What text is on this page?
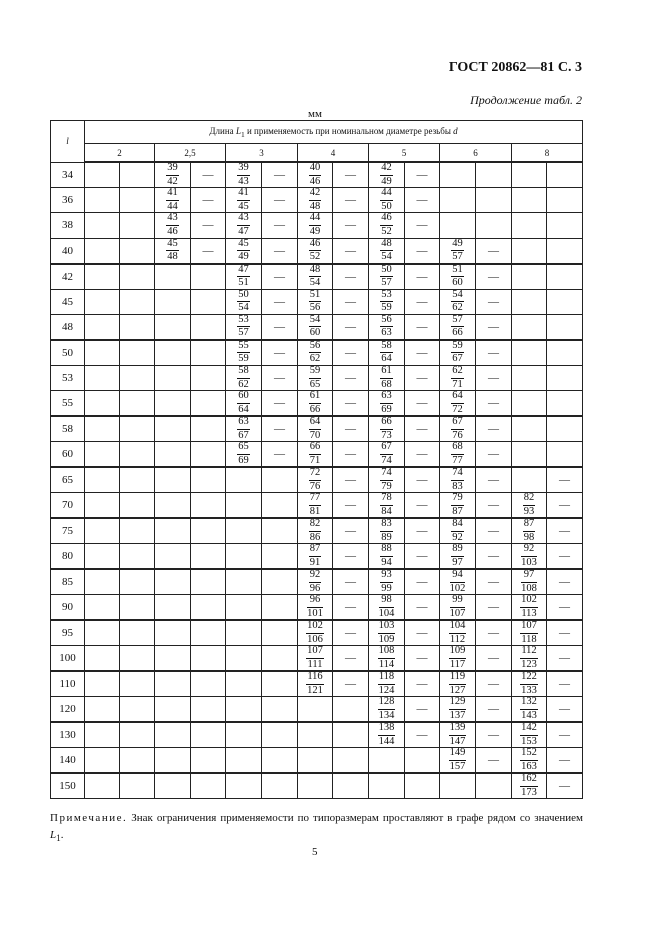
ГОСТ 20862—81 С. 3
Продолжение табл. 2
мм
l	Длина $L_1$ и применяемость при номинальном диаметре резьбы d													
	2		2,5		3		4		5		6		8	
34			$\frac{39}{42}$	—	$\frac{39}{43}$	—	$\frac{40}{46}$	—	$\frac{42}{49}$	—				
36			$\frac{41}{44}$	—	$\frac{41}{45}$	—	$\frac{42}{48}$	—	$\frac{44}{50}$	—				
38			$\frac{43}{46}$	—	$\frac{43}{47}$	—	$\frac{44}{49}$	—	$\frac{46}{52}$	—				
40			$\frac{45}{48}$	—	$\frac{45}{49}$	—	$\frac{46}{52}$	—	$\frac{48}{54}$	—	$\frac{49}{57}$	—		
42					$\frac{47}{51}$	—	$\frac{48}{54}$	—	$\frac{50}{57}$	—	$\frac{51}{60}$	—		
45					$\frac{50}{54}$	—	$\frac{51}{56}$	—	$\frac{53}{59}$	—	$\frac{54}{62}$	—		
48					$\frac{53}{57}$	—	$\frac{54}{60}$	—	$\frac{56}{63}$	—	$\frac{57}{66}$	—		
50					$\frac{55}{59}$	—	$\frac{56}{62}$	—	$\frac{58}{64}$	—	$\frac{59}{67}$	—		
53					$\frac{58}{62}$	—	$\frac{59}{65}$	—	$\frac{61}{68}$	—	$\frac{62}{71}$	—		
55					$\frac{60}{64}$	—	$\frac{61}{66}$	—	$\frac{63}{69}$	—	$\frac{64}{72}$	—		
58					$\frac{63}{67}$	—	$\frac{64}{70}$	—	$\frac{66}{73}$	—	$\frac{67}{76}$	—		
60					$\frac{65}{69}$	—	$\frac{66}{71}$	—	$\frac{67}{74}$	—	$\frac{68}{77}$	—		
65							$\frac{72}{76}$	—	$\frac{74}{79}$	—	$\frac{74}{83}$	—		—
70							$\frac{77}{81}$	—	$\frac{78}{84}$	—	$\frac{79}{87}$	—	$\frac{82}{93}$	—
75							$\frac{82}{86}$	—	$\frac{83}{89}$	—	$\frac{84}{92}$	—	$\frac{87}{98}$	—
80							$\frac{87}{91}$	—	$\frac{88}{94}$	—	$\frac{89}{97}$	—	$\frac{92}{103}$	—
85							$\frac{92}{96}$	—	$\frac{93}{99}$	—	$\frac{94}{102}$	—	$\frac{97}{108}$	—
90							$\frac{96}{101}$	—	$\frac{98}{104}$	—	$\frac{99}{107}$	—	$\frac{102}{113}$	—
95							$\frac{102}{106}$	—	$\frac{103}{109}$	—	$\frac{104}{112}$	—	$\frac{107}{118}$	—
100							$\frac{107}{111}$	—	$\frac{108}{114}$	—	$\frac{109}{117}$	—	$\frac{112}{123}$	—
110							$\frac{116}{121}$	—	$\frac{118}{124}$	—	$\frac{119}{127}$	—	$\frac{122}{133}$	—
120									$\frac{128}{134}$	—	$\frac{129}{137}$	—	$\frac{132}{143}$	—
130									$\frac{138}{144}$	—	$\frac{139}{147}$	—	$\frac{142}{153}$	—
140											$\frac{149}{157}$	—	$\frac{152}{163}$	—
150													$\frac{162}{173}$	—
Примечание. Знак ограничения применяемости по типоразмерам проставляют в графе рядом со значением $L_1$.
5
